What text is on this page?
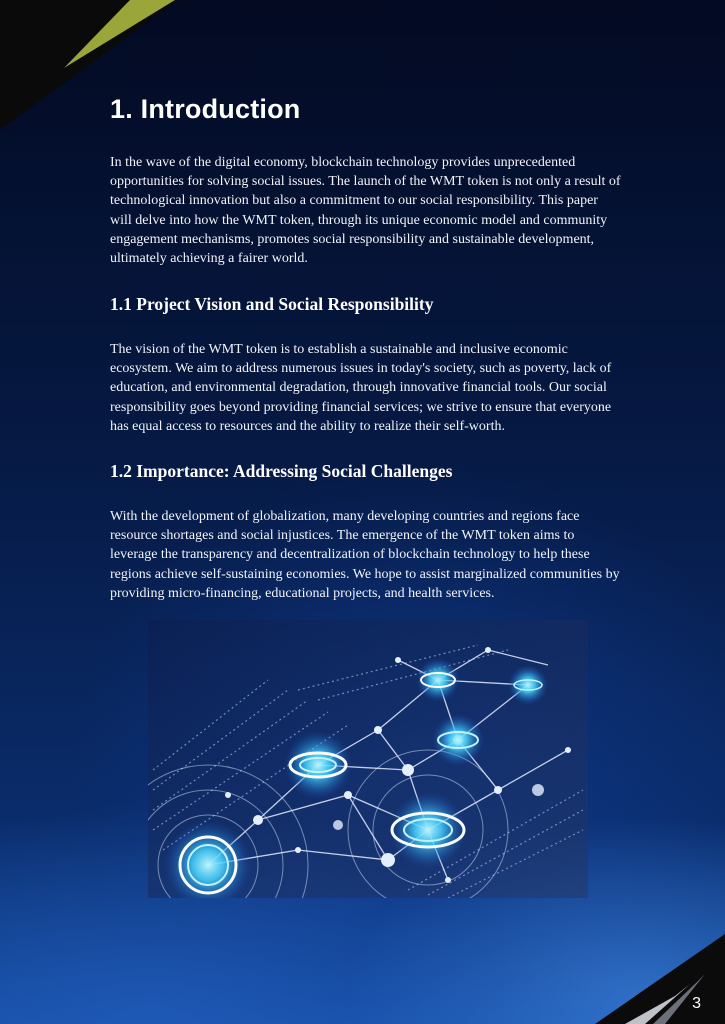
1. Introduction

In the wave of the digital economy, blockchain technology provides unprecedented opportunities for solving social issues. The launch of the WMT token is not only a result of technological innovation but also a commitment to our social responsibility. This paper will delve into how the WMT token, through its unique economic model and community engagement mechanisms, promotes social responsibility and sustainable development, ultimately achieving a fairer world.

1.1 Project Vision and Social Responsibility

The vision of the WMT token is to establish a sustainable and inclusive economic ecosystem. We aim to address numerous issues in today's society, such as poverty, lack of education, and environmental degradation, through innovative financial tools. Our social responsibility goes beyond providing financial services; we strive to ensure that everyone has equal access to resources and the ability to realize their self-worth.

1.2 Importance: Addressing Social Challenges

With the development of globalization, many developing countries and regions face resource shortages and social injustices. The emergence of the WMT token aims to leverage the transparency and decentralization of blockchain technology to help these regions achieve self-sustaining economies. We hope to assist marginalized communities by providing micro-financing, educational projects, and health services.

3
